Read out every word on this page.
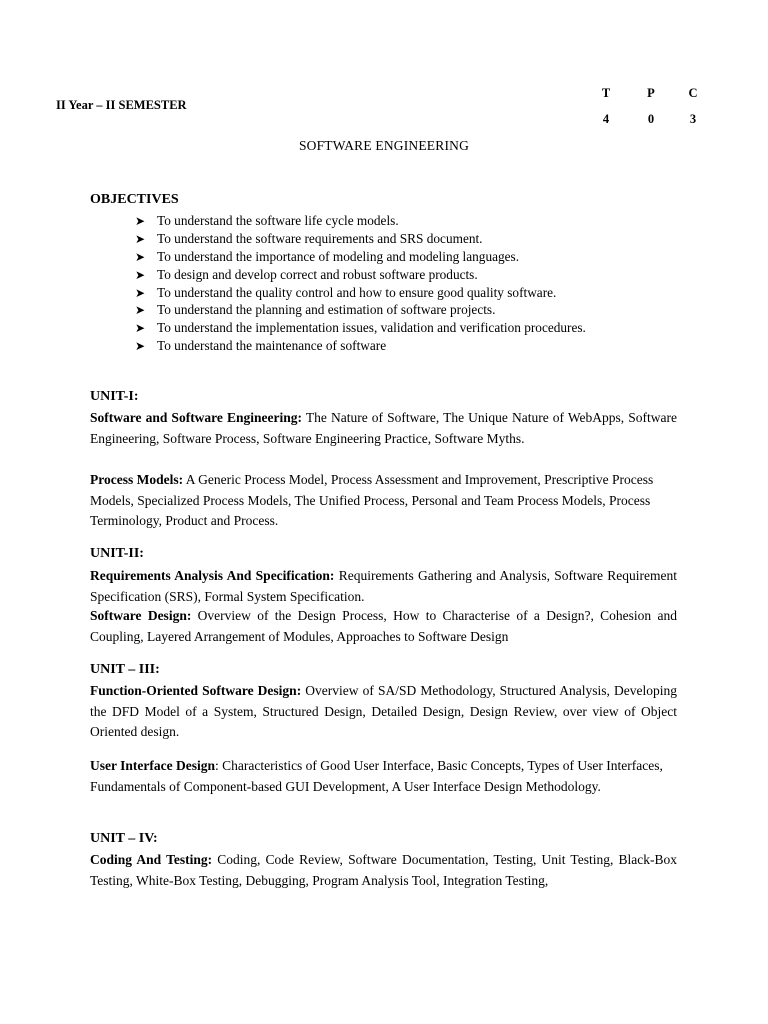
II Year – II SEMESTER
T	P	C
4	0	3
SOFTWARE ENGINEERING
OBJECTIVES
➤ To understand the software life cycle models.
➤ To understand the software requirements and SRS document.
➤ To understand the importance of modeling and modeling languages.
➤ To design and develop correct and robust software products.
➤ To understand the quality control and how to ensure good quality software.
➤ To understand the planning and estimation of software projects.
➤ To understand the implementation issues, validation and verification procedures.
➤ To understand the maintenance of software
UNIT-I:
Software and Software Engineering: The Nature of Software, The Unique Nature of WebApps, Software Engineering, Software Process, Software Engineering Practice, Software Myths.
Process Models: A Generic Process Model, Process Assessment and Improvement, Prescriptive Process Models, Specialized Process Models, The Unified Process, Personal and Team Process Models, Process Terminology, Product and Process.
UNIT-II:
Requirements Analysis And Specification: Requirements Gathering and Analysis, Software Requirement Specification (SRS), Formal System Specification.
Software Design: Overview of the Design Process, How to Characterise of a Design?, Cohesion and Coupling, Layered Arrangement of Modules, Approaches to Software Design
UNIT – III:
Function-Oriented Software Design: Overview of SA/SD Methodology, Structured Analysis, Developing the DFD Model of a System, Structured Design, Detailed Design, Design Review, over view of Object Oriented design.
User Interface Design: Characteristics of Good User Interface, Basic Concepts, Types of User Interfaces, Fundamentals of Component-based GUI Development, A User Interface Design Methodology.
UNIT – IV:
Coding And Testing: Coding, Code Review, Software Documentation, Testing, Unit Testing, Black-Box Testing, White-Box Testing, Debugging, Program Analysis Tool, Integration Testing,
